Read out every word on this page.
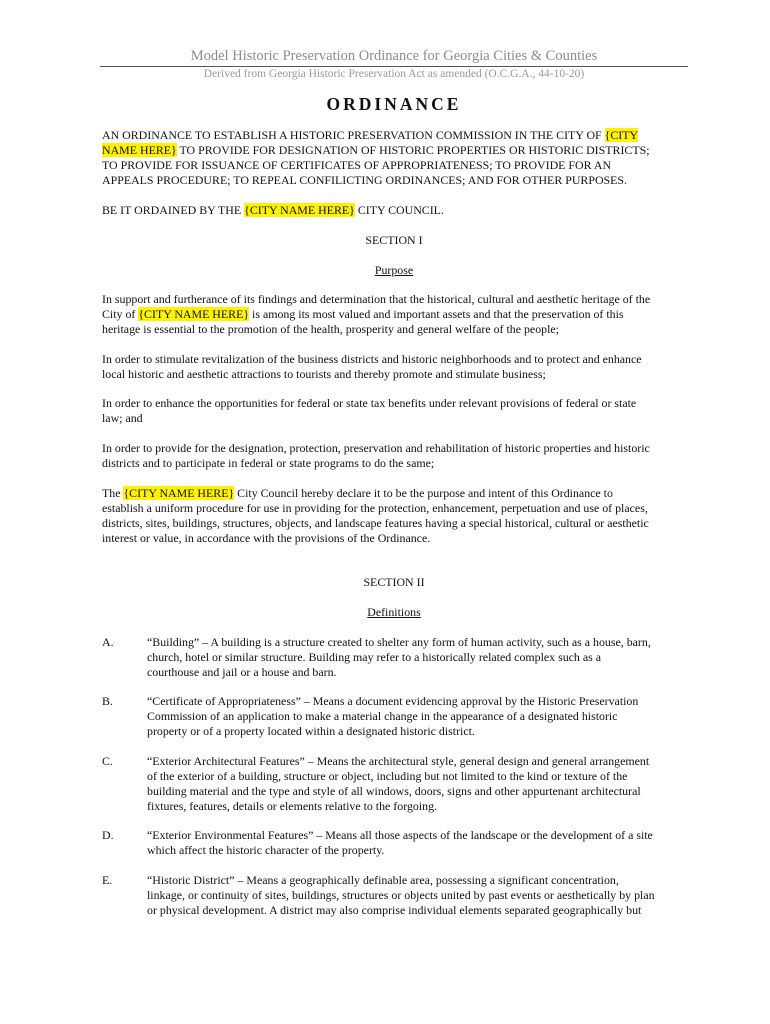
Model Historic Preservation Ordinance for Georgia Cities & Counties
Derived from Georgia Historic Preservation Act as amended (O.C.G.A., 44-10-20)
ORDINANCE
AN ORDINANCE TO ESTABLISH A HISTORIC PRESERVATION COMMISSION IN THE CITY OF {CITY
NAME HERE} TO PROVIDE FOR DESIGNATION OF HISTORIC PROPERTIES OR HISTORIC DISTRICTS;
TO PROVIDE FOR ISSUANCE OF CERTIFICATES OF APPROPRIATENESS; TO PROVIDE FOR AN
APPEALS PROCEDURE; TO REPEAL CONFILICTING ORDINANCES; AND FOR OTHER PURPOSES.
BE IT ORDAINED BY THE {CITY NAME HERE} CITY COUNCIL.
SECTION I
Purpose
In support and furtherance of its findings and determination that the historical, cultural and aesthetic heritage of the
City of {CITY NAME HERE} is among its most valued and important assets and that the preservation of this
heritage is essential to the promotion of the health, prosperity and general welfare of the people;
In order to stimulate revitalization of the business districts and historic neighborhoods and to protect and enhance
local historic and aesthetic attractions to tourists and thereby promote and stimulate business;
In order to enhance the opportunities for federal or state tax benefits under relevant provisions of federal or state
law; and
In order to provide for the designation, protection, preservation and rehabilitation of historic properties and historic
districts and to participate in federal or state programs to do the same;
The {CITY NAME HERE} City Council hereby declare it to be the purpose and intent of this Ordinance to
establish a uniform procedure for use in providing for the protection, enhancement, perpetuation and use of places,
districts, sites, buildings, structures, objects, and landscape features having a special historical, cultural or aesthetic
interest or value, in accordance with the provisions of the Ordinance.
SECTION II
Definitions
A.	“Building” – A building is a structure created to shelter any form of human activity, such as a house, barn,
church, hotel or similar structure. Building may refer to a historically related complex such as a
courthouse and jail or a house and barn.
B.	“Certificate of Appropriateness” – Means a document evidencing approval by the Historic Preservation
Commission of an application to make a material change in the appearance of a designated historic
property or of a property located within a designated historic district.
C.	“Exterior Architectural Features” – Means the architectural style, general design and general arrangement
of the exterior of a building, structure or object, including but not limited to the kind or texture of the
building material and the type and style of all windows, doors, signs and other appurtenant architectural
fixtures, features, details or elements relative to the forgoing.
D.	“Exterior Environmental Features” – Means all those aspects of the landscape or the development of a site
which affect the historic character of the property.
E.	“Historic District” – Means a geographically definable area, possessing a significant concentration,
linkage, or continuity of sites, buildings, structures or objects united by past events or aesthetically by plan
or physical development. A district may also comprise individual elements separated geographically but
